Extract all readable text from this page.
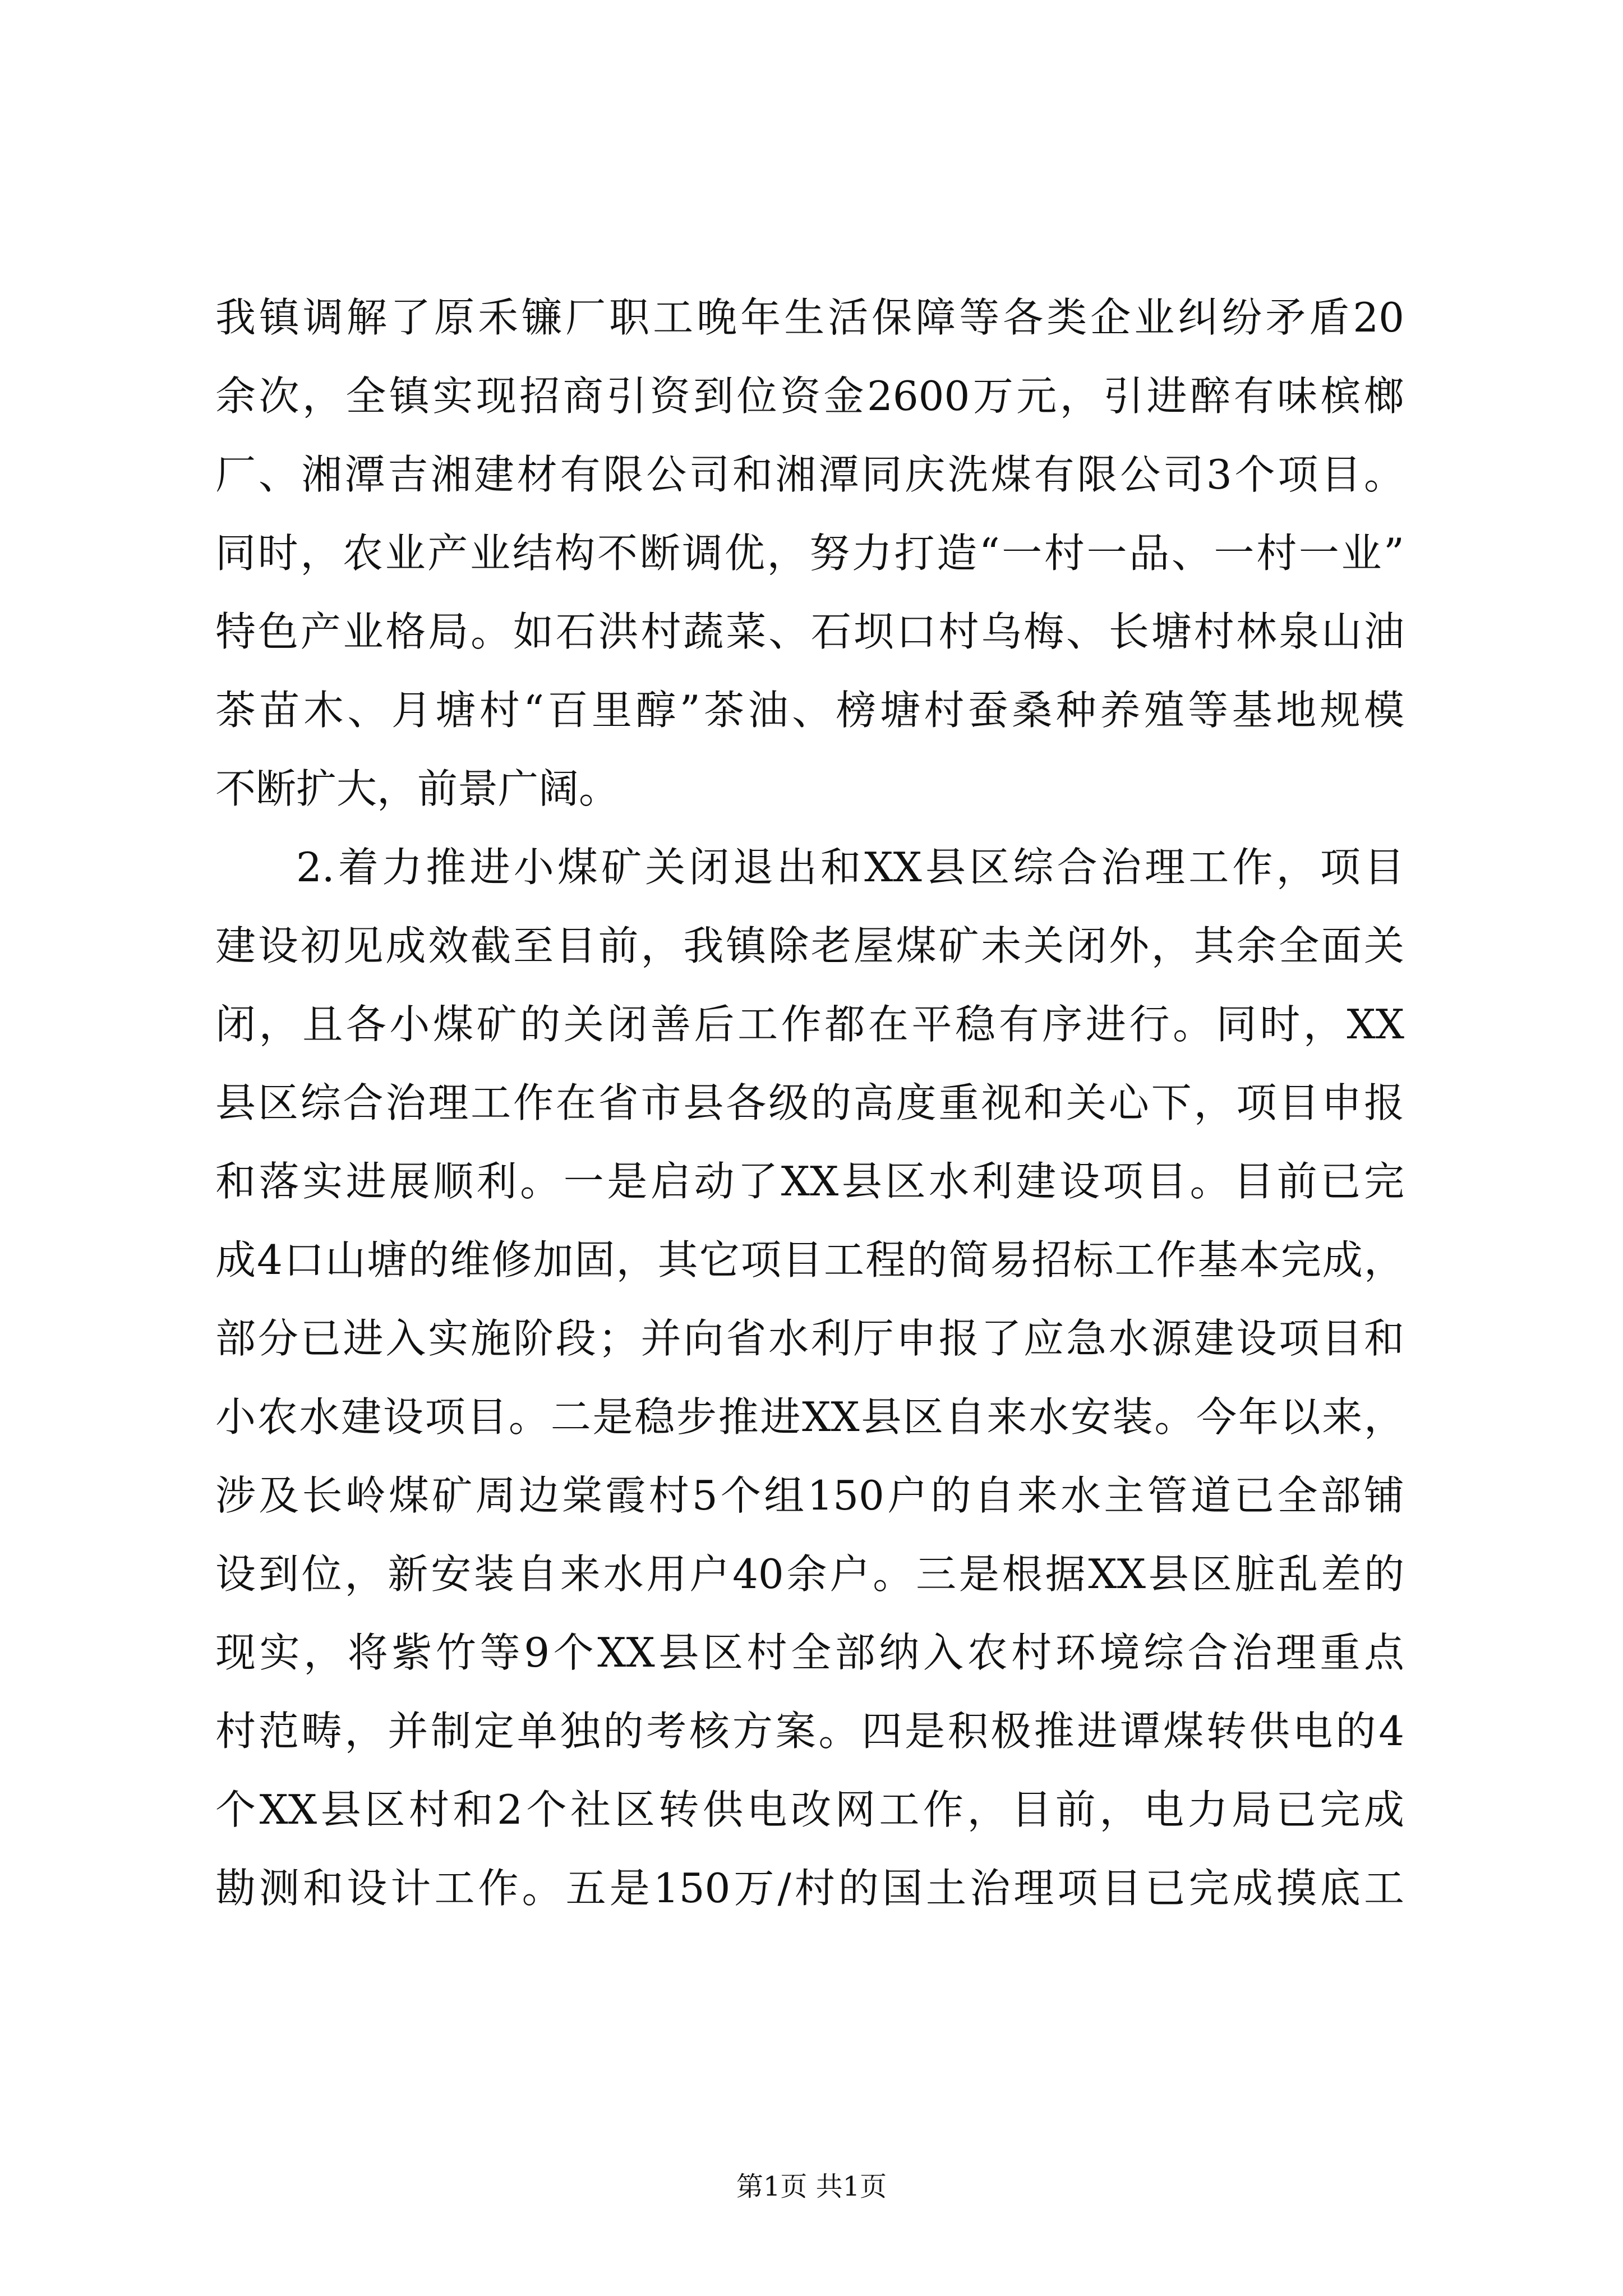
我镇调解了原禾镰厂职工晚年生活保障等各类企业纠纷矛盾20
余次，全镇实现招商引资到位资金2600万元，引进醉有味槟榔
厂、湘潭吉湘建材有限公司和湘潭同庆洗煤有限公司3个项目。
同时，农业产业结构不断调优，努力打造“一村一品、一村一业”
特色产业格局。如石洪村蔬菜、石坝口村乌梅、长塘村林泉山油
茶苗木、月塘村“百里醇”茶油、榜塘村蚕桑种养殖等基地规模
不断扩大，前景广阔。
2.着力推进小煤矿关闭退出和XX县区综合治理工作，项目
建设初见成效截至目前，我镇除老屋煤矿未关闭外，其余全面关
闭，且各小煤矿的关闭善后工作都在平稳有序进行。同时，XX
县区综合治理工作在省市县各级的高度重视和关心下，项目申报
和落实进展顺利。一是启动了XX县区水利建设项目。目前已完
成4口山塘的维修加固，其它项目工程的简易招标工作基本完成，
部分已进入实施阶段；并向省水利厅申报了应急水源建设项目和
小农水建设项目。二是稳步推进XX县区自来水安装。今年以来，
涉及长岭煤矿周边棠霞村5个组150户的自来水主管道已全部铺
设到位，新安装自来水用户40余户。三是根据XX县区脏乱差的
现实，将紫竹等9个XX县区村全部纳入农村环境综合治理重点
村范畴，并制定单独的考核方案。四是积极推进谭煤转供电的4
个XX县区村和2个社区转供电改网工作，目前，电力局已完成
勘测和设计工作。五是150万/村的国土治理项目已完成摸底工
第1页 共1页
